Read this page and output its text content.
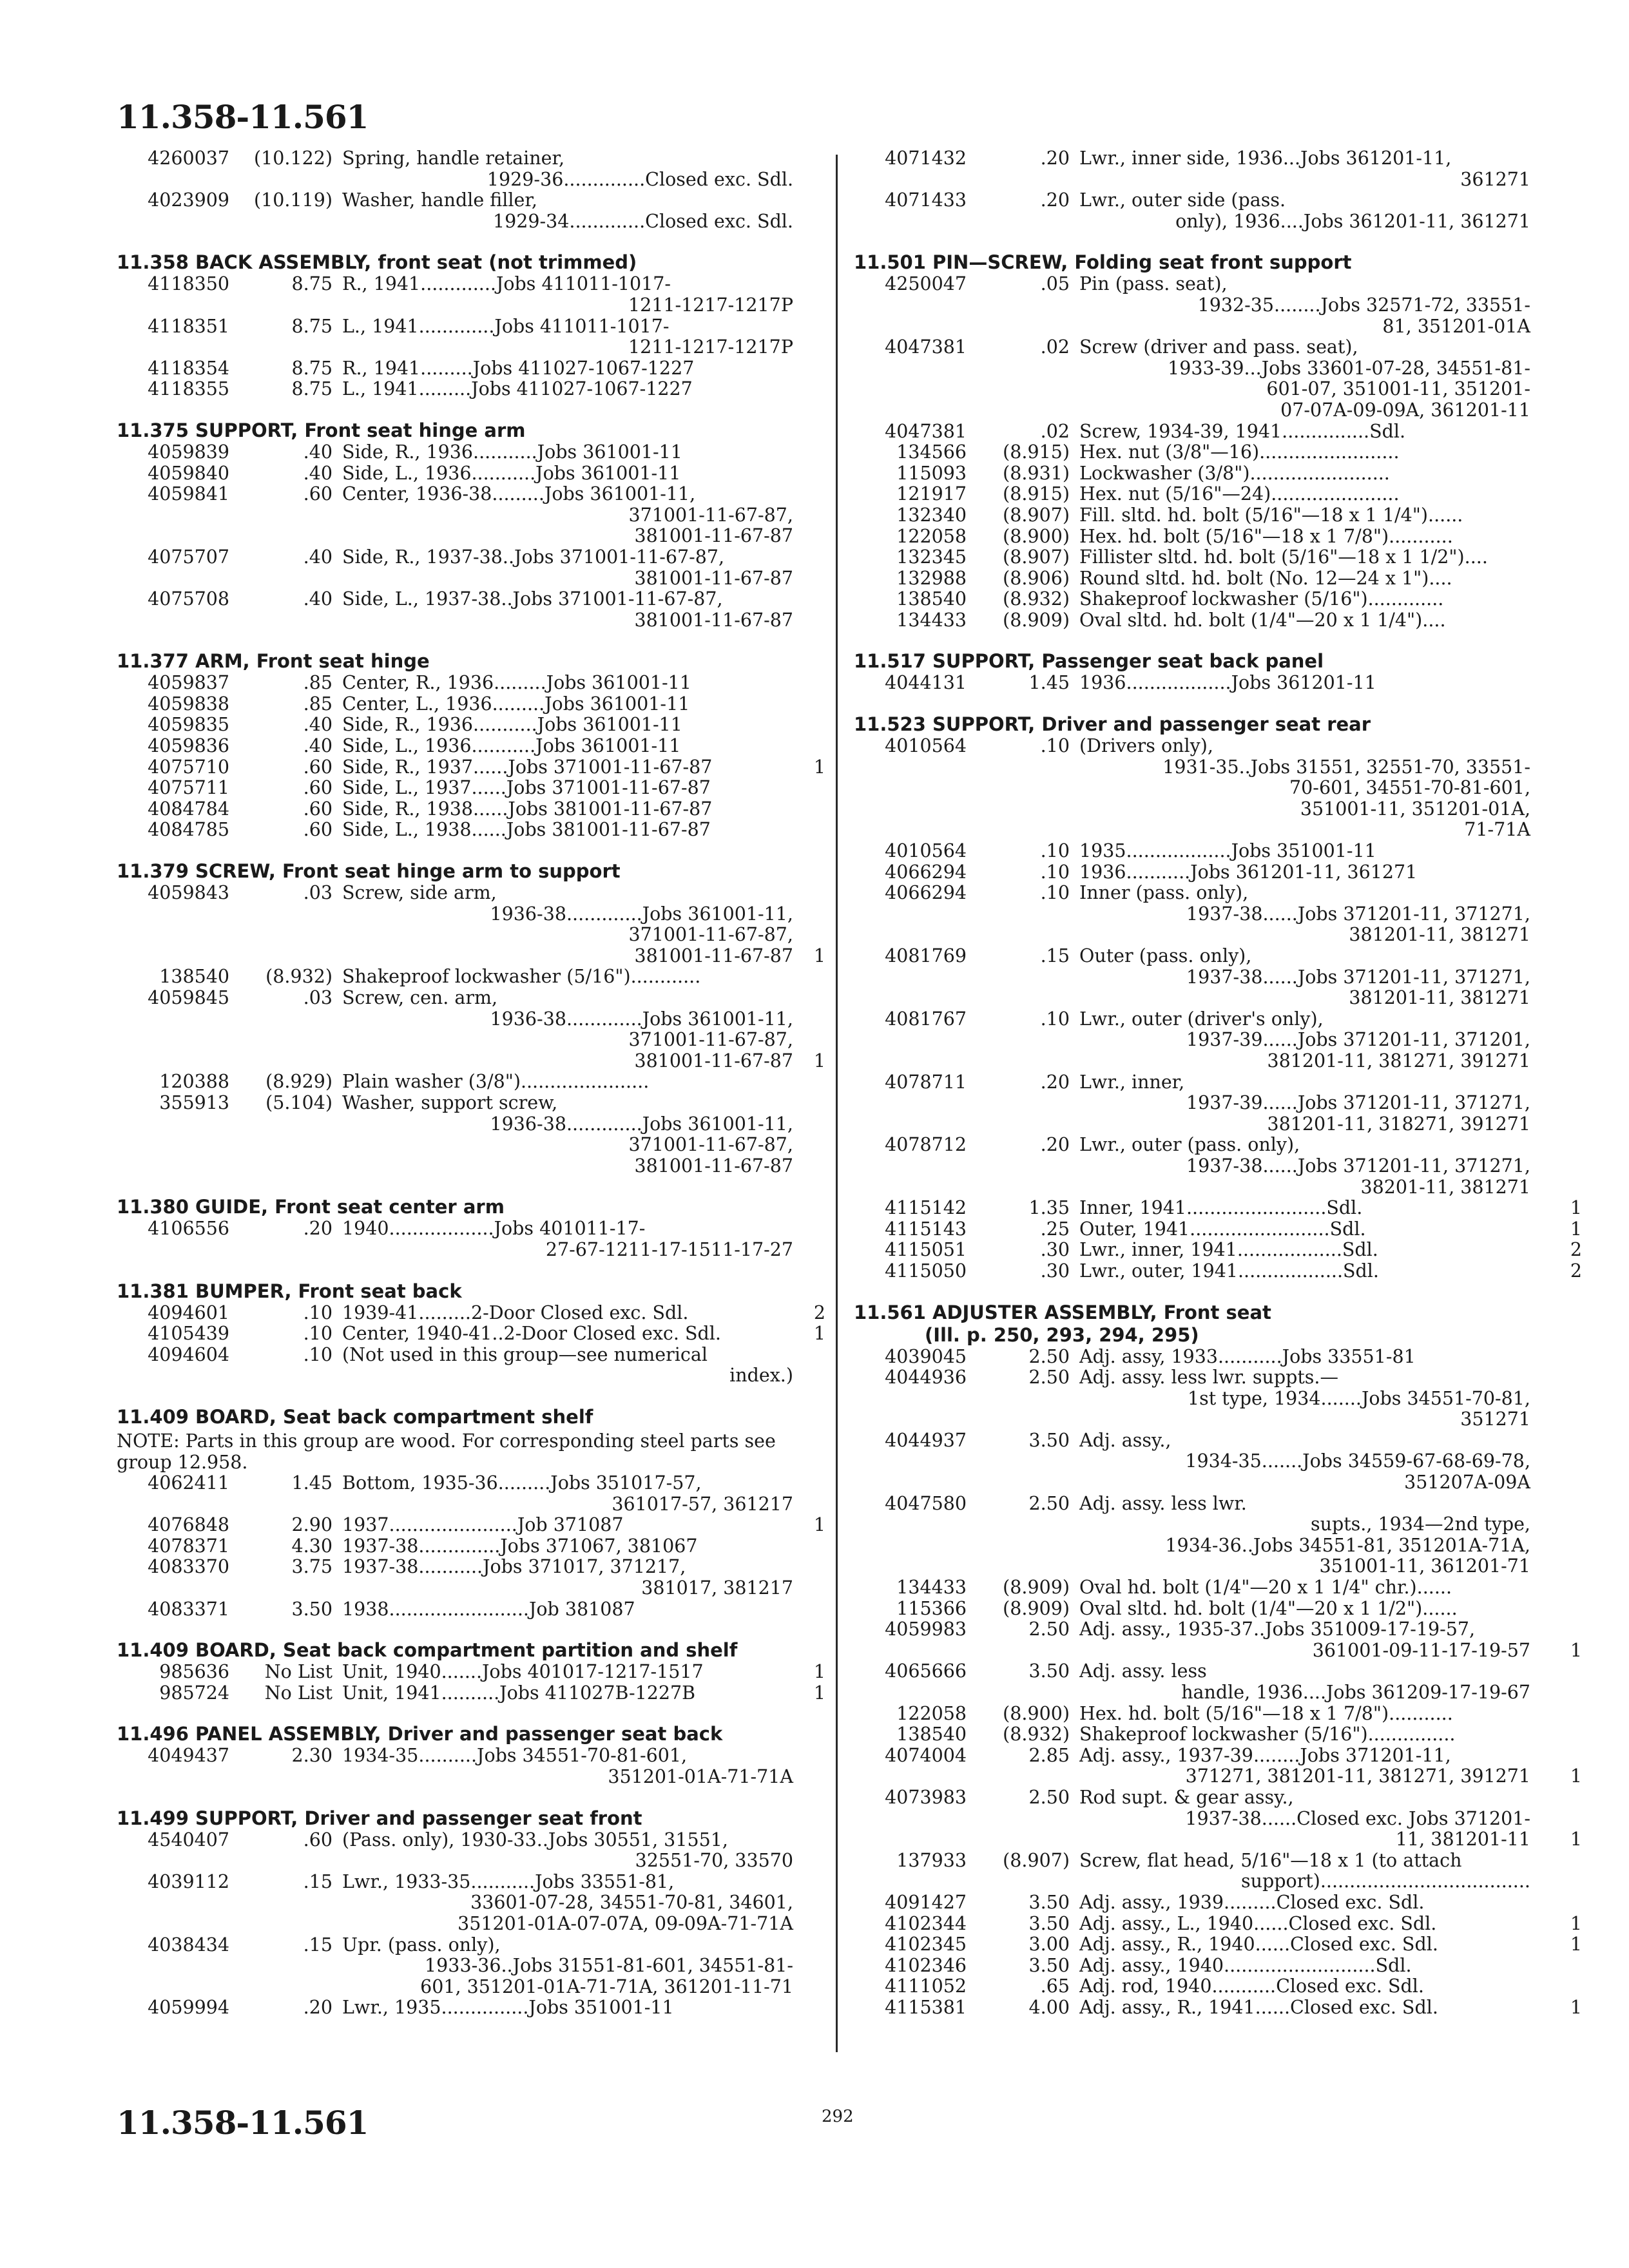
11.358-11.561
4260037	(10.122) Spring, handle retainer,
1929-36..............Closed exc. Sdl.
4023909	(10.119) Washer, handle filler,
1929-34.............Closed exc. Sdl.
11.358 BACK ASSEMBLY, front seat (not trimmed)
4118350	8.75 R., 1941.............Jobs 411011-1017-
1211-1217-1217P
4118351	8.75 L., 1941.............Jobs 411011-1017-
1211-1217-1217P
4118354	8.75 R., 1941.........Jobs 411027-1067-1227
4118355	8.75 L., 1941.........Jobs 411027-1067-1227
11.375 SUPPORT, Front seat hinge arm
4059839	.40 Side, R., 1936...........Jobs 361001-11
4059840	.40 Side, L., 1936...........Jobs 361001-11
4059841	.60 Center, 1936-38.........Jobs 361001-11,
371001-11-67-87,
381001-11-67-87
4075707	.40 Side, R., 1937-38..Jobs 371001-11-67-87,
381001-11-67-87
4075708	.40 Side, L., 1937-38..Jobs 371001-11-67-87,
381001-11-67-87
11.377 ARM, Front seat hinge
4059837	.85 Center, R., 1936.........Jobs 361001-11
4059838	.85 Center, L., 1936.........Jobs 361001-11
4059835	.40 Side, R., 1936...........Jobs 361001-11
4059836	.40 Side, L., 1936...........Jobs 361001-11
4075710	.60 Side, R., 1937......Jobs 371001-11-67-87	1
4075711	.60 Side, L., 1937......Jobs 371001-11-67-87
4084784	.60 Side, R., 1938......Jobs 381001-11-67-87
4084785	.60 Side, L., 1938......Jobs 381001-11-67-87
11.379 SCREW, Front seat hinge arm to support
4059843	.03 Screw, side arm,
1936-38.............Jobs 361001-11,
371001-11-67-87,
381001-11-67-87	1
138540	(8.932) Shakeproof lockwasher (5/16")............
4059845	.03 Screw, cen. arm,
1936-38.............Jobs 361001-11,
371001-11-67-87,
381001-11-67-87	1
120388	(8.929) Plain washer (3/8")......................
355913	(5.104) Washer, support screw,
1936-38.............Jobs 361001-11,
371001-11-67-87,
381001-11-67-87
11.380 GUIDE, Front seat center arm
4106556	.20 1940..................Jobs 401011-17-
27-67-1211-17-1511-17-27
11.381 BUMPER, Front seat back
4094601	.10 1939-41.........2-Door Closed exc. Sdl.	2
4105439	.10 Center, 1940-41..2-Door Closed exc. Sdl.	1
4094604	.10 (Not used in this group—see numerical
index.)
11.409 BOARD, Seat back compartment shelf
NOTE: Parts in this group are wood. For corresponding steel parts see group 12.958.
4062411	1.45 Bottom, 1935-36.........Jobs 351017-57,
361017-57, 361217
4076848	2.90 1937......................Job 371087	1
4078371	4.30 1937-38..............Jobs 371067, 381067
4083370	3.75 1937-38...........Jobs 371017, 371217,
381017, 381217
4083371	3.50 1938........................Job 381087
11.409 BOARD, Seat back compartment partition and shelf
985636	No List Unit, 1940.......Jobs 401017-1217-1517	1
985724	No List Unit, 1941..........Jobs 411027B-1227B	1
11.496 PANEL ASSEMBLY, Driver and passenger seat back
4049437	2.30 1934-35..........Jobs 34551-70-81-601,
351201-01A-71-71A
11.499 SUPPORT, Driver and passenger seat front
4540407	.60 (Pass. only), 1930-33..Jobs 30551, 31551,
32551-70, 33570
4039112	.15 Lwr., 1933-35...........Jobs 33551-81,
33601-07-28, 34551-70-81, 34601,
351201-01A-07-07A, 09-09A-71-71A
4038434	.15 Upr. (pass. only),
1933-36..Jobs 31551-81-601, 34551-81-
601, 351201-01A-71-71A, 361201-11-71
4059994	.20 Lwr., 1935...............Jobs 351001-11
4071432	.20 Lwr., inner side, 1936...Jobs 361201-11,
361271
4071433	.20 Lwr., outer side (pass.
only), 1936....Jobs 361201-11, 361271
11.501 PIN—SCREW, Folding seat front support
4250047	.05 Pin (pass. seat),
1932-35........Jobs 32571-72, 33551-
81, 351201-01A
4047381	.02 Screw (driver and pass. seat),
1933-39...Jobs 33601-07-28, 34551-81-
601-07, 351001-11, 351201-
07-07A-09-09A, 361201-11
4047381	.02 Screw, 1934-39, 1941...............Sdl.
134566	(8.915) Hex. nut (3/8"—16)........................
115093	(8.931) Lockwasher (3/8")........................
121917	(8.915) Hex. nut (5/16"—24)......................
132340	(8.907) Fill. sltd. hd. bolt (5/16"—18 x 1 1/4")......
122058	(8.900) Hex. hd. bolt (5/16"—18 x 1 7/8")...........
132345	(8.907) Fillister sltd. hd. bolt (5/16"—18 x 1 1/2")....
132988	(8.906) Round sltd. hd. bolt (No. 12—24 x 1")....
138540	(8.932) Shakeproof lockwasher (5/16").............
134433	(8.909) Oval sltd. hd. bolt (1/4"—20 x 1 1/4")....
11.517 SUPPORT, Passenger seat back panel
4044131	1.45 1936..................Jobs 361201-11
11.523 SUPPORT, Driver and passenger seat rear
4010564	.10 (Drivers only),
1931-35..Jobs 31551, 32551-70, 33551-
70-601, 34551-70-81-601,
351001-11, 351201-01A,
71-71A
4010564	.10 1935..................Jobs 351001-11
4066294	.10 1936...........Jobs 361201-11, 361271
4066294	.10 Inner (pass. only),
1937-38......Jobs 371201-11, 371271,
381201-11, 381271
4081769	.15 Outer (pass. only),
1937-38......Jobs 371201-11, 371271,
381201-11, 381271
4081767	.10 Lwr., outer (driver's only),
1937-39......Jobs 371201-11, 371201,
381201-11, 381271, 391271
4078711	.20 Lwr., inner,
1937-39......Jobs 371201-11, 371271,
381201-11, 318271, 391271
4078712	.20 Lwr., outer (pass. only),
1937-38......Jobs 371201-11, 371271,
38201-11, 381271
4115142	1.35 Inner, 1941........................Sdl.	1
4115143	.25 Outer, 1941........................Sdl.	1
4115051	.30 Lwr., inner, 1941..................Sdl.	2
4115050	.30 Lwr., outer, 1941..................Sdl.	2
11.561 ADJUSTER ASSEMBLY, Front seat
(Ill. p. 250, 293, 294, 295)
4039045	2.50 Adj. assy, 1933...........Jobs 33551-81
4044936	2.50 Adj. assy. less lwr. suppts.—
1st type, 1934.......Jobs 34551-70-81,
351271
4044937	3.50 Adj. assy.,
1934-35.......Jobs 34559-67-68-69-78,
351207A-09A
4047580	2.50 Adj. assy. less lwr.
supts., 1934—2nd type,
1934-36..Jobs 34551-81, 351201A-71A,
351001-11, 361201-71
134433	(8.909) Oval hd. bolt (1/4"—20 x 1 1/4" chr.)......
115366	(8.909) Oval sltd. hd. bolt (1/4"—20 x 1 1/2")......
4059983	2.50 Adj. assy., 1935-37..Jobs 351009-17-19-57,
361001-09-11-17-19-57	1
4065666	3.50 Adj. assy. less
handle, 1936....Jobs 361209-17-19-67
122058	(8.900) Hex. hd. bolt (5/16"—18 x 1 7/8")...........
138540	(8.932) Shakeproof lockwasher (5/16")...............
4074004	2.85 Adj. assy., 1937-39........Jobs 371201-11,
371271, 381201-11, 381271, 391271	1
4073983	2.50 Rod supt. & gear assy.,
1937-38......Closed exc. Jobs 371201-
11, 381201-11	1
137933	(8.907) Screw, flat head, 5/16"—18 x 1 (to attach
support)....................................
4091427	3.50 Adj. assy., 1939.........Closed exc. Sdl.
4102344	3.50 Adj. assy., L., 1940......Closed exc. Sdl.	1
4102345	3.00 Adj. assy., R., 1940......Closed exc. Sdl.	1
4102346	3.50 Adj. assy., 1940..........................Sdl.
4111052	.65 Adj. rod, 1940...........Closed exc. Sdl.
4115381	4.00 Adj. assy., R., 1941......Closed exc. Sdl.	1
11.358-11.561	292
